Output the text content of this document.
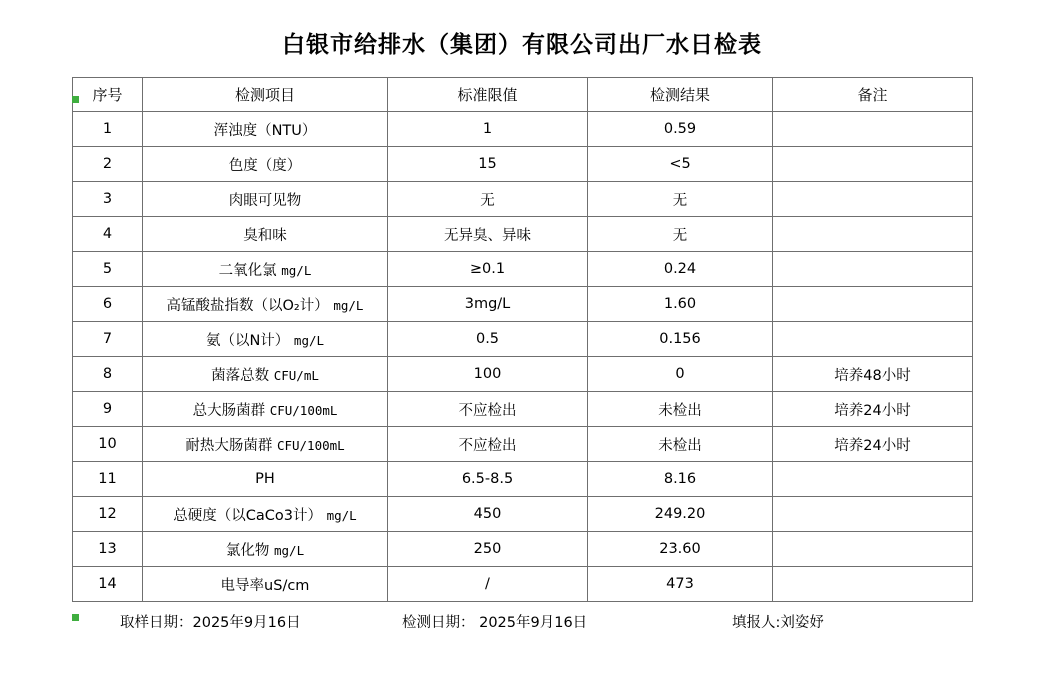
白银市给排水（集团）有限公司出厂水日检表
序号	检测项目	标准限值	检测结果	备注
1	浑浊度（NTU）	1	0.59	
2	色度（度）	15	<5	
3	肉眼可见物	无	无	
4	臭和味	无异臭、异味	无	
5	二氧化氯 mg/L	≥0.1	0.24	
6	高锰酸盐指数（以O₂计） mg/L	3mg/L	1.60	
7	氨（以N计） mg/L	0.5	0.156	
8	菌落总数 CFU/mL	100	0	培养48小时
9	总大肠菌群 CFU/100mL	不应检出	未检出	培养24小时
10	耐热大肠菌群 CFU/100mL	不应检出	未检出	培养24小时
11	PH	6.5-8.5	8.16	
12	总硬度（以CaCo3计） mg/L	450	249.20	
13	氯化物 mg/L	250	23.60	
14	电导率uS/cm	/	473	
取样日期：2025年9月16日	检测日期： 2025年9月16日	填报人:刘姿妤
